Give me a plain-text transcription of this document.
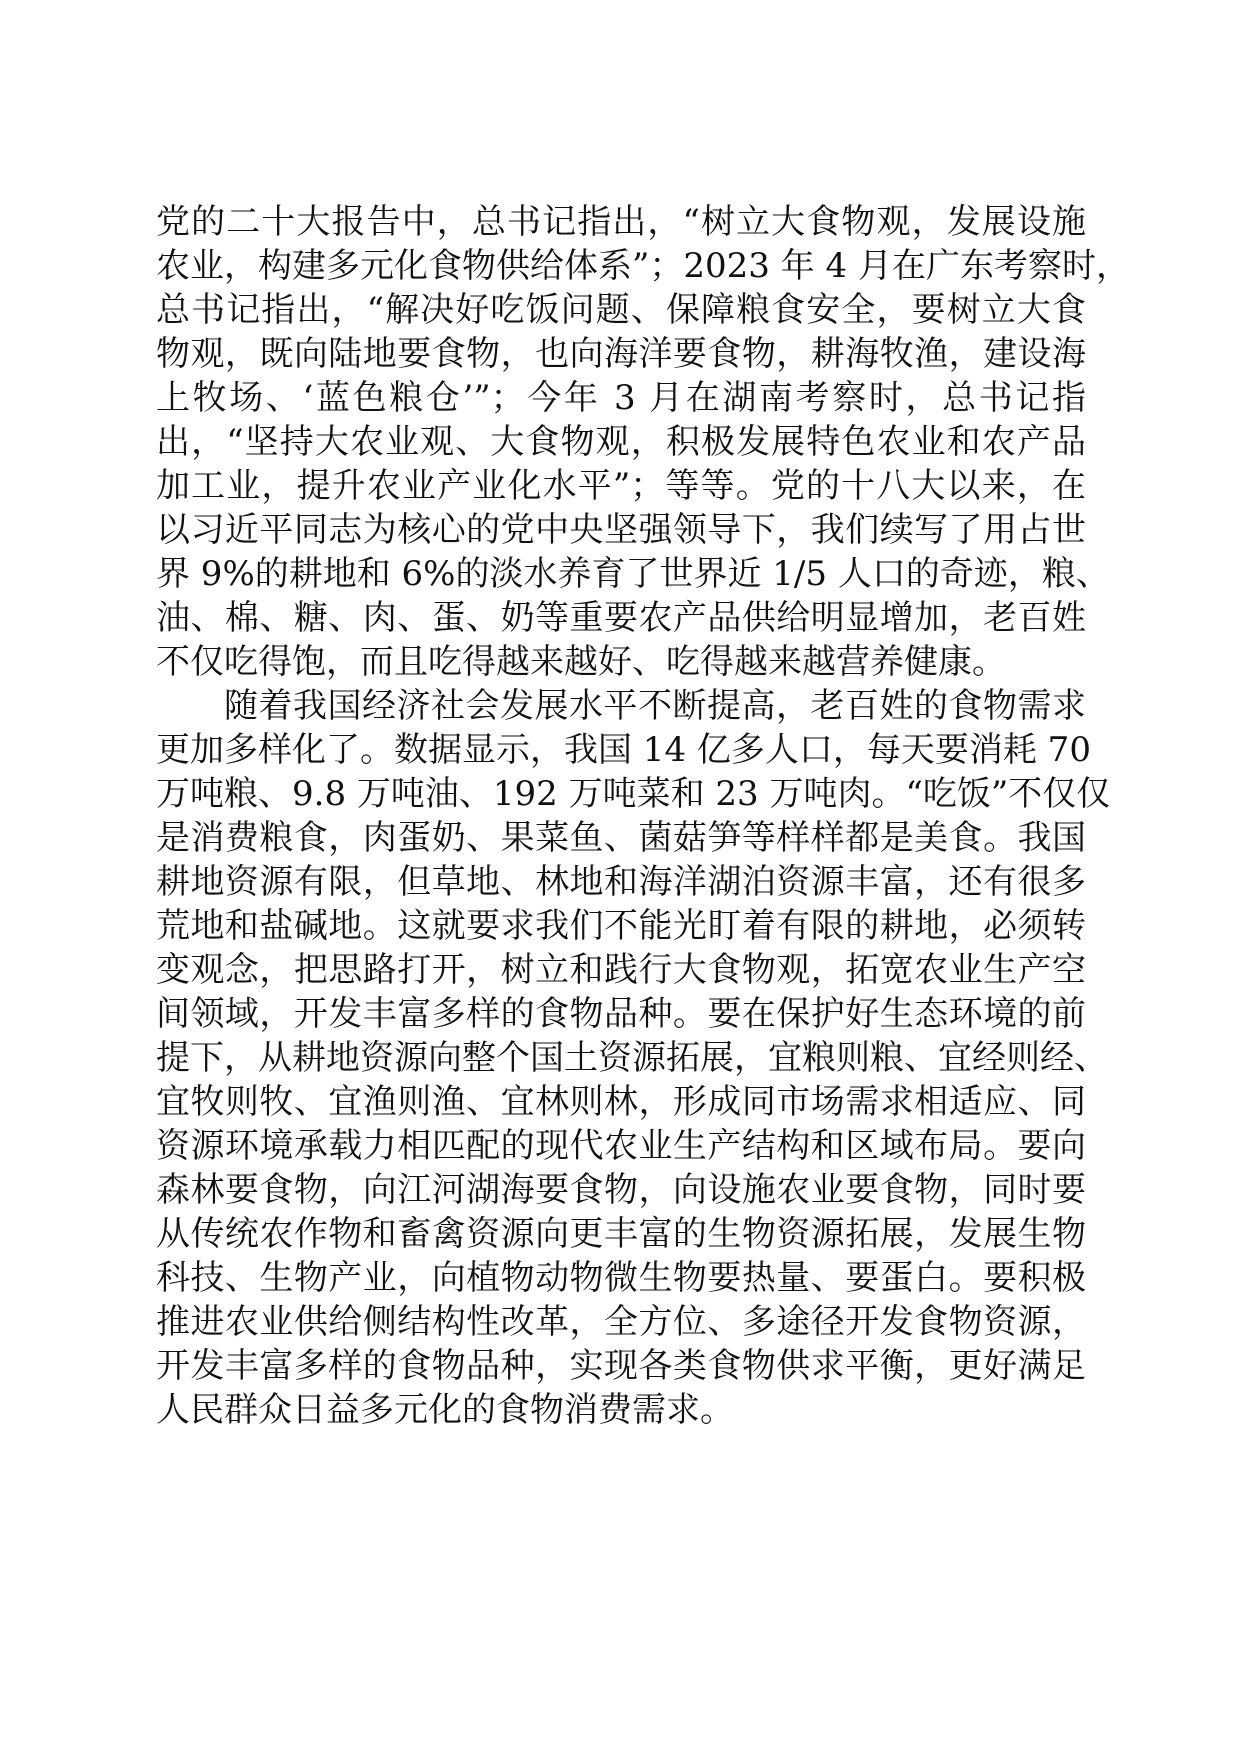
党的二十大报告中，总书记指出，“树立大食物观，发展设施
农业，构建多元化食物供给体系”；2023 年 4 月在广东考察时，
总书记指出，“解决好吃饭问题、保障粮食安全，要树立大食
物观，既向陆地要食物，也向海洋要食物，耕海牧渔，建设海
上牧场、‘蓝色粮仓’”；今年 3 月在湖南考察时，总书记指
出，“坚持大农业观、大食物观，积极发展特色农业和农产品
加工业，提升农业产业化水平”；等等。党的十八大以来，在
以习近平同志为核心的党中央坚强领导下，我们续写了用占世
界 9%的耕地和 6%的淡水养育了世界近 1/5 人口的奇迹，粮、
油、棉、糖、肉、蛋、奶等重要农产品供给明显增加，老百姓
不仅吃得饱，而且吃得越来越好、吃得越来越营养健康。

随着我国经济社会发展水平不断提高，老百姓的食物需求
更加多样化了。数据显示，我国 14 亿多人口，每天要消耗 70
万吨粮、9.8 万吨油、192 万吨菜和 23 万吨肉。“吃饭”不仅仅
是消费粮食，肉蛋奶、果菜鱼、菌菇笋等样样都是美食。我国
耕地资源有限，但草地、林地和海洋湖泊资源丰富，还有很多
荒地和盐碱地。这就要求我们不能光盯着有限的耕地，必须转
变观念，把思路打开，树立和践行大食物观，拓宽农业生产空
间领域，开发丰富多样的食物品种。要在保护好生态环境的前
提下，从耕地资源向整个国土资源拓展，宜粮则粮、宜经则经、
宜牧则牧、宜渔则渔、宜林则林，形成同市场需求相适应、同
资源环境承载力相匹配的现代农业生产结构和区域布局。要向
森林要食物，向江河湖海要食物，向设施农业要食物，同时要
从传统农作物和畜禽资源向更丰富的生物资源拓展，发展生物
科技、生物产业，向植物动物微生物要热量、要蛋白。要积极
推进农业供给侧结构性改革，全方位、多途径开发食物资源，
开发丰富多样的食物品种，实现各类食物供求平衡，更好满足
人民群众日益多元化的食物消费需求。
